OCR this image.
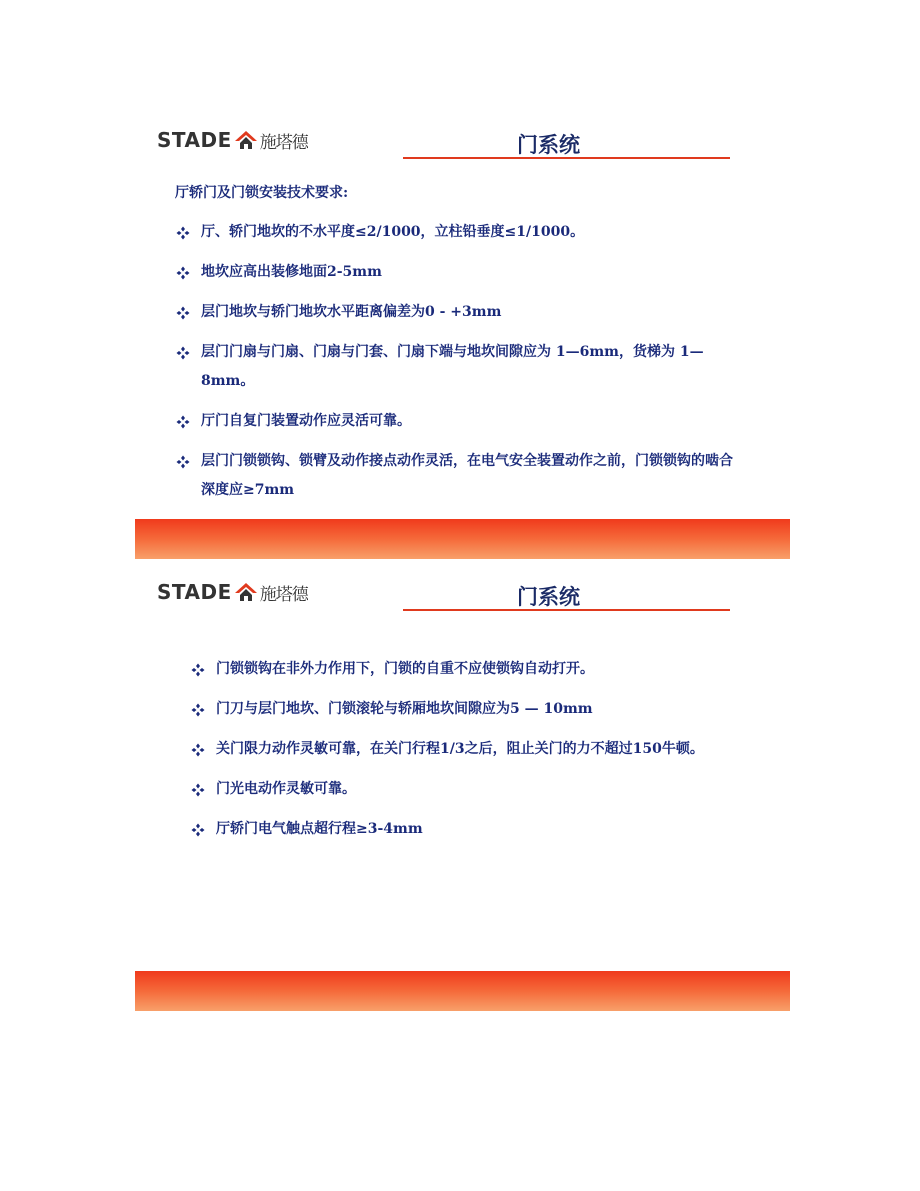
STADE 施塔德	门系统

厅轿门及门锁安装技术要求:

厅、轿门地坎的不水平度≤2/1000，立柱铅垂度≤1/1000。
地坎应高出装修地面2-5mm
层门地坎与轿门地坎水平距离偏差为0 - +3mm
层门门扇与门扇、门扇与门套、门扇下端与地坎间隙应为 1—6mm，货梯为 1— 8mm。
厅门自复门装置动作应灵活可靠。
层门门锁锁钩、锁臂及动作接点动作灵活，在电气安全装置动作之前，门锁锁钩的啮合深度应≥7mm
STADE 施塔德	门系统
门锁锁钩在非外力作用下，门锁的自重不应使锁钩自动打开。
门刀与层门地坎、门锁滚轮与轿厢地坎间隙应为5 — 10mm
关门限力动作灵敏可靠，在关门行程1/3之后，阻止关门的力不超过150牛顿。
门光电动作灵敏可靠。
厅轿门电气触点超行程≥3-4mm
